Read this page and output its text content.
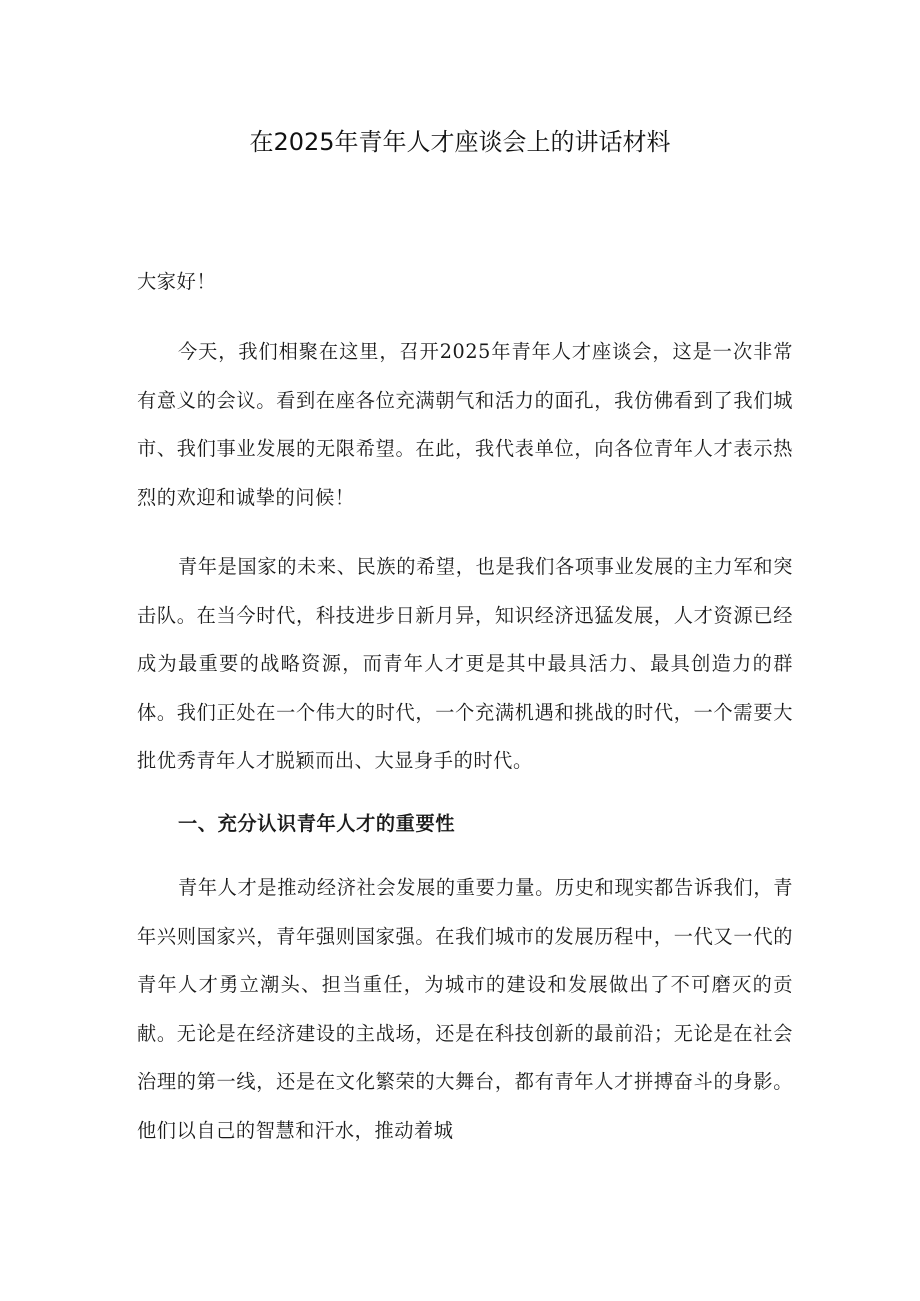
在2025年青年人才座谈会上的讲话材料

大家好！

今天，我们相聚在这里，召开2025年青年人才座谈会，这是一次非常有意义的会议。看到在座各位充满朝气和活力的面孔，我仿佛看到了我们城市、我们事业发展的无限希望。在此，我代表单位，向各位青年人才表示热烈的欢迎和诚挚的问候！

青年是国家的未来、民族的希望，也是我们各项事业发展的主力军和突击队。在当今时代，科技进步日新月异，知识经济迅猛发展，人才资源已经成为最重要的战略资源，而青年人才更是其中最具活力、最具创造力的群体。我们正处在一个伟大的时代，一个充满机遇和挑战的时代，一个需要大批优秀青年人才脱颖而出、大显身手的时代。

一、充分认识青年人才的重要性

青年人才是推动经济社会发展的重要力量。历史和现实都告诉我们，青年兴则国家兴，青年强则国家强。在我们城市的发展历程中，一代又一代的青年人才勇立潮头、担当重任，为城市的建设和发展做出了不可磨灭的贡献。无论是在经济建设的主战场，还是在科技创新的最前沿；无论是在社会治理的第一线，还是在文化繁荣的大舞台，都有青年人才拼搏奋斗的身影。他们以自己的智慧和汗水，推动着城
